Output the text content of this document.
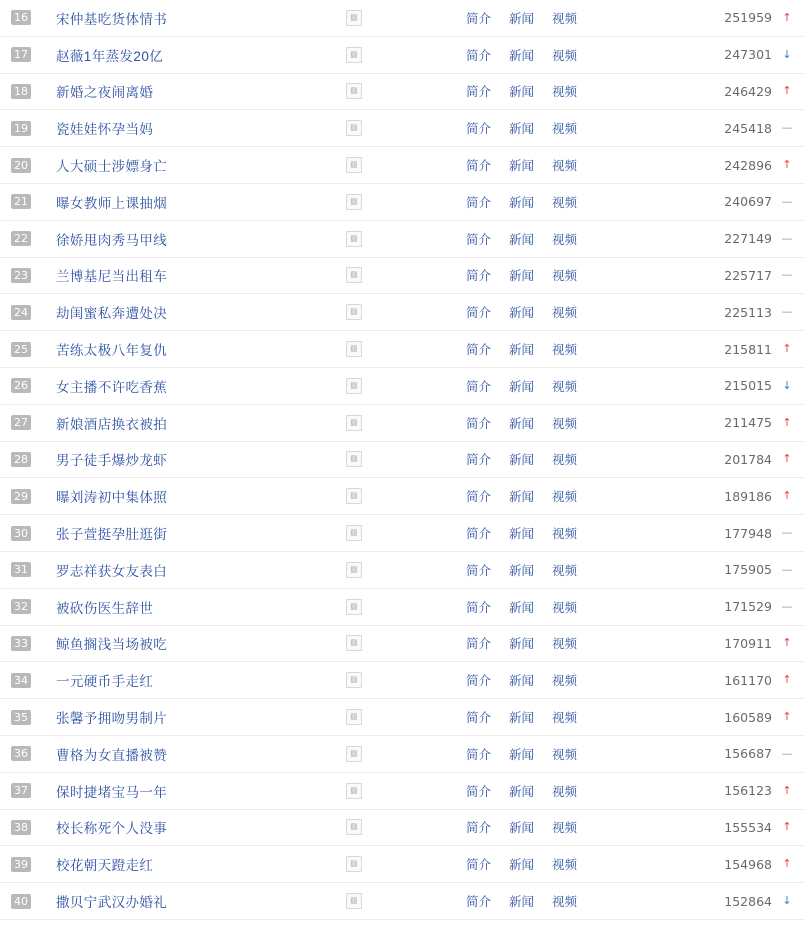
16	宋仲基吃货体情书	▨	简介 新闻 视频	251959 ↑
17	赵薇1年蒸发20亿	▨	简介 新闻 视频	247301 ↓
18	新婚之夜闹离婚	▨	简介 新闻 视频	246429 ↑
19	瓷娃娃怀孕当妈	▨	简介 新闻 视频	245418 —
20	人大硕士涉嫖身亡	▨	简介 新闻 视频	242896 ↑
21	曝女教师上课抽烟	▨	简介 新闻 视频	240697 —
22	徐娇甩肉秀马甲线	▨	简介 新闻 视频	227149 —
23	兰博基尼当出租车	▨	简介 新闻 视频	225717 —
24	劫闺蜜私奔遭处决	▨	简介 新闻 视频	225113 —
25	苦练太极八年复仇	▨	简介 新闻 视频	215811 ↑
26	女主播不许吃香蕉	▨	简介 新闻 视频	215015 ↓
27	新娘酒店换衣被拍	▨	简介 新闻 视频	211475 ↑
28	男子徒手爆炒龙虾	▨	简介 新闻 视频	201784 ↑
29	曝刘涛初中集体照	▨	简介 新闻 视频	189186 ↑
30	张子萱挺孕肚逛街	▨	简介 新闻 视频	177948 —
31	罗志祥获女友表白	▨	简介 新闻 视频	175905 —
32	被砍伤医生辞世	▨	简介 新闻 视频	171529 —
33	鲸鱼搁浅当场被吃	▨	简介 新闻 视频	170911 ↑
34	一元硬币手走红	▨	简介 新闻 视频	161170 ↑
35	张馨予拥吻男制片	▨	简介 新闻 视频	160589 ↑
36	曹格为女直播被赞	▨	简介 新闻 视频	156687 —
37	保时捷堵宝马一年	▨	简介 新闻 视频	156123 ↑
38	校长称死个人没事	▨	简介 新闻 视频	155534 ↑
39	校花朝天蹬走红	▨	简介 新闻 视频	154968 ↑
40	撒贝宁武汉办婚礼	▨	简介 新闻 视频	152864 ↓
